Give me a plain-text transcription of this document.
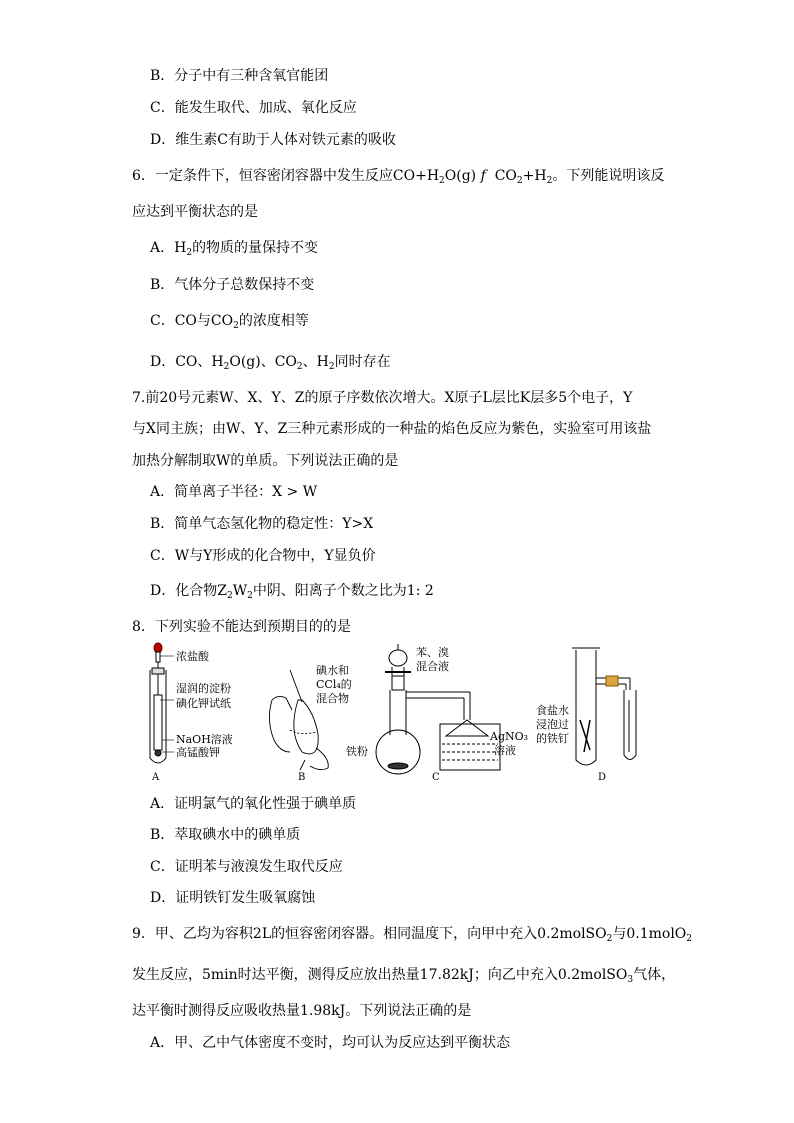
B．分子中有三种含氧官能团
C．能发生取代、加成、氧化反应
D．维生素C有助于人体对铁元素的吸收
6．一定条件下，恒容密闭容器中发生反应$CO+H_2O(g)$ f $CO_2+H_2$。下列能说明该反
应达到平衡状态的是
A．$H_2$的物质的量保持不变
B．气体分子总数保持不变
C．CO与$CO_2$的浓度相等
D．CO、$H_2O(g)$、$CO_2$、$H_2$同时存在
7.前20号元素W、X、Y、Z的原子序数依次增大。X原子L层比K层多5个电子，Y
与X同主族；由W、Y、Z三种元素形成的一种盐的焰色反应为紫色，实验室可用该盐
加热分解制取W的单质。下列说法正确的是
A．简单离子半径：X > W
B．简单气态氢化物的稳定性：Y>X
C．W与Y形成的化合物中，Y显负价
D．化合物$Z_2W_2$中阴、阳离子个数之比为1: 2
8．下列实验不能达到预期目的的是
浓盐酸
湿润的淀粉
碘化钾试纸
NaOH溶液
高锰酸钾
A
碘水和
CCl₄的
混合物
B
苯、溴
混合液
铁粉
AgNO₃
溶液
C
食盐水
浸泡过
的铁钉
D
A．证明氯气的氧化性强于碘单质
B．萃取碘水中的碘单质
C．证明苯与液溴发生取代反应
D．证明铁钉发生吸氧腐蚀
9．甲、乙均为容积2L的恒容密闭容器。相同温度下，向甲中充入0.2molSO$_2$与0.1molO$_2$
发生反应，5min时达平衡，测得反应放出热量17.82kJ；向乙中充入0.2molSO$_3$气体，
达平衡时测得反应吸收热量1.98kJ。下列说法正确的是
A．甲、乙中气体密度不变时，均可认为反应达到平衡状态
